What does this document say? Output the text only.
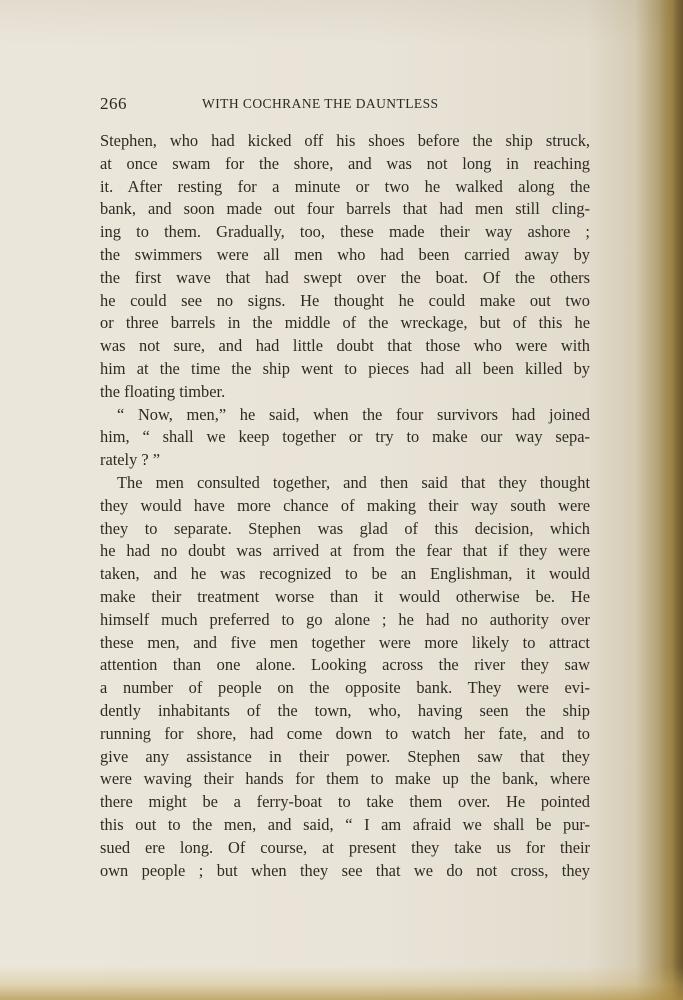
266	WITH COCHRANE THE DAUNTLESS
Stephen, who had kicked off his shoes before the ship struck,
at once swam for the shore, and was not long in reaching
it. After resting for a minute or two he walked along the
bank, and soon made out four barrels that had men still cling-
ing to them. Gradually, too, these made their way ashore ;
the swimmers were all men who had been carried away by
the first wave that had swept over the boat. Of the others
he could see no signs. He thought he could make out two
or three barrels in the middle of the wreckage, but of this he
was not sure, and had little doubt that those who were with
him at the time the ship went to pieces had all been killed by
the floating timber.
“ Now, men,” he said, when the four survivors had joined
him, “ shall we keep together or try to make our way sepa-
rately ? ”
The men consulted together, and then said that they thought
they would have more chance of making their way south were
they to separate. Stephen was glad of this decision, which
he had no doubt was arrived at from the fear that if they were
taken, and he was recognized to be an Englishman, it would
make their treatment worse than it would otherwise be. He
himself much preferred to go alone ; he had no authority over
these men, and five men together were more likely to attract
attention than one alone. Looking across the river they saw
a number of people on the opposite bank. They were evi-
dently inhabitants of the town, who, having seen the ship
running for shore, had come down to watch her fate, and to
give any assistance in their power. Stephen saw that they
were waving their hands for them to make up the bank, where
there might be a ferry-boat to take them over. He pointed
this out to the men, and said, “ I am afraid we shall be pur-
sued ere long. Of course, at present they take us for their
own people ; but when they see that we do not cross, they
